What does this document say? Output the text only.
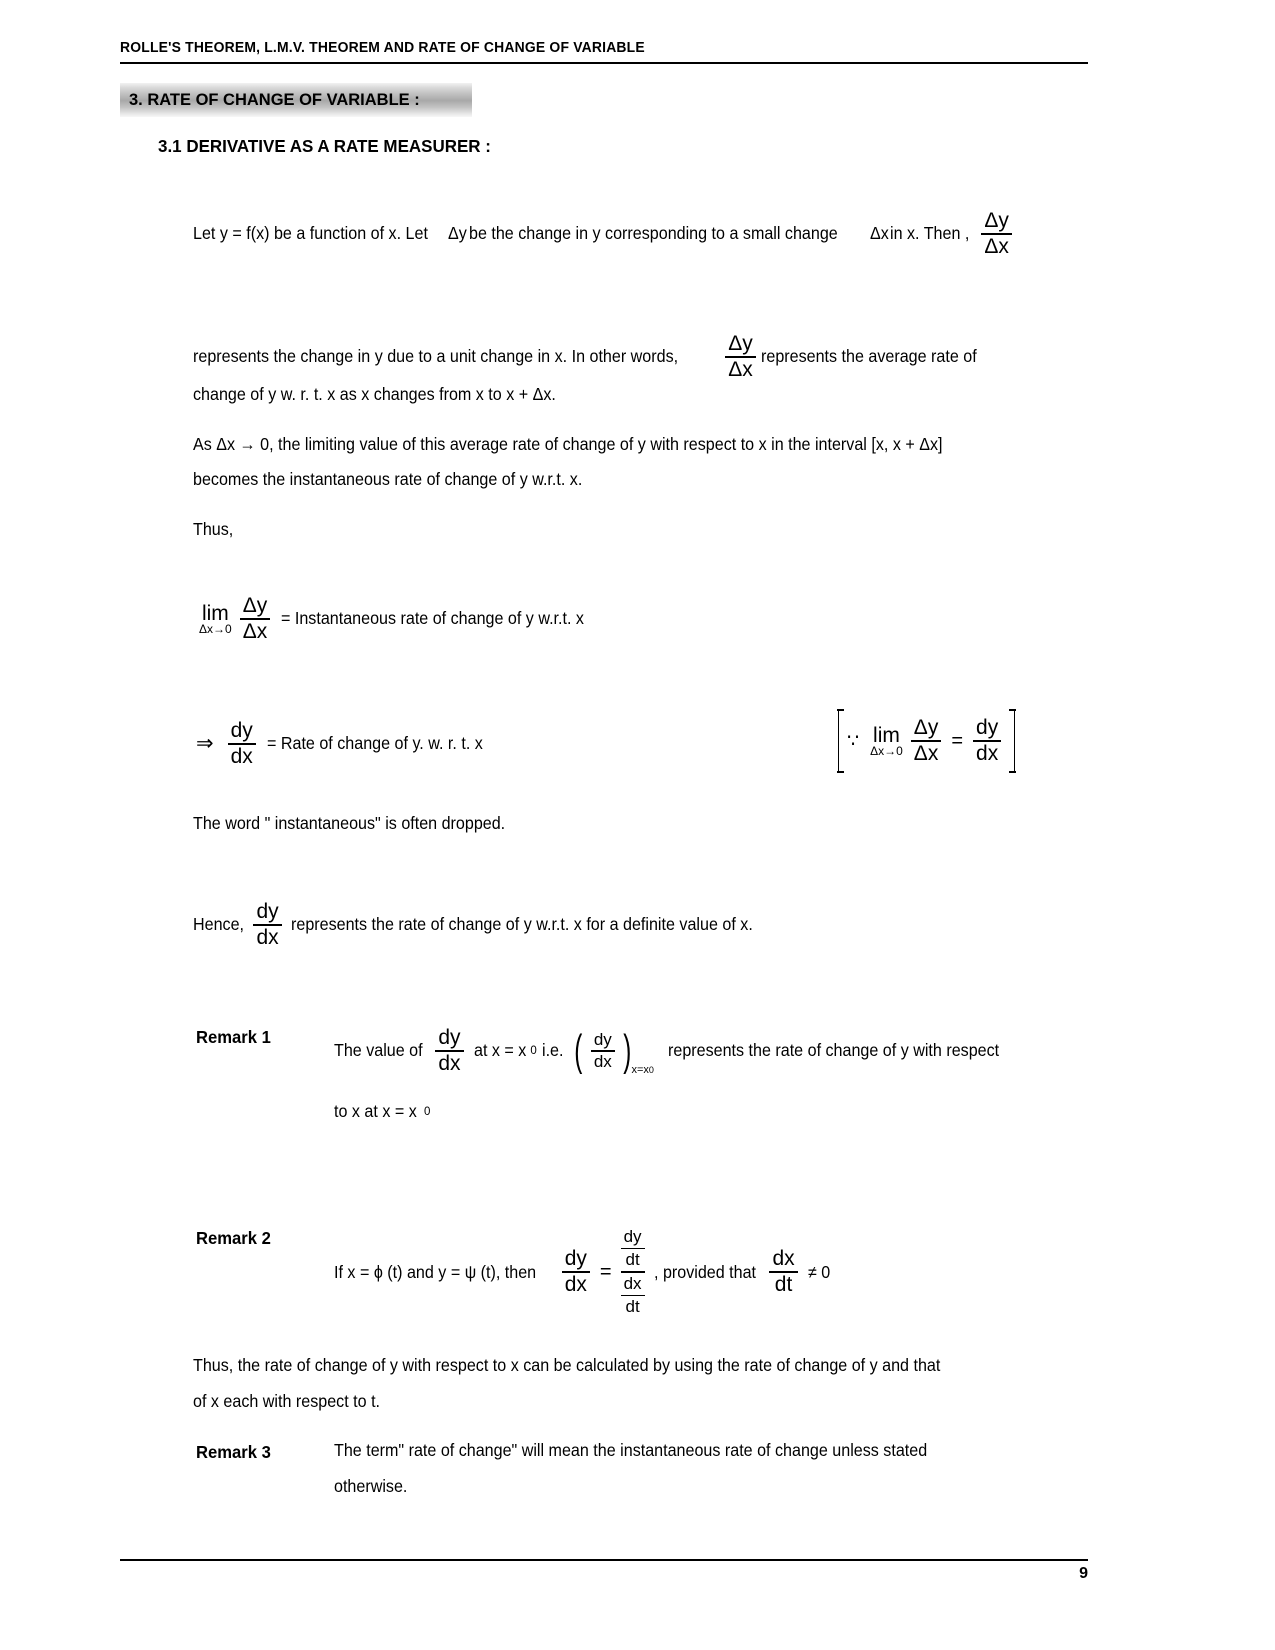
ROLLE'S THEOREM, L.M.V. THEOREM AND RATE OF CHANGE OF VARIABLE
3. RATE OF CHANGE OF VARIABLE :
3.1 DERIVATIVE AS A RATE MEASURER :
Let y = f(x) be a function of x. Let Δy be the change in y corresponding to a small change Δx in x. Then , $\frac{\Delta y}{\Delta x}$
represents the change in y due to a unit change in x. In other words, $\frac{\Delta y}{\Delta x}$ represents the average rate of
change of y w. r. t. x as x changes from x to x + Δx.
As Δx → 0, the limiting value of this average rate of change of y with respect to x in the interval [x, x + Δx]
becomes the instantaneous rate of change of y w.r.t. x.
Thus,
lim
$\Delta x\to 0 \frac{\Delta y}{\Delta x}$ = Instantaneous rate of change of y w.r.t. x
⇒ $\frac{dy}{dx}$ = Rate of change of y. w. r. t. x	∵ lim
$\Delta x\to 0 \frac{\Delta y}{\Delta x} = \frac{dy}{dx}$
The word " instantaneous" is often dropped.
Hence, $\frac{dy}{dx}$ represents the rate of change of y w.r.t. x for a definite value of x.
Remark 1
The value of $\frac{dy}{dx}$ at x = x 0 i.e. ( $\frac{dy}{dx}$ ) x=x0
represents the rate of change of y with respect
to x at x = x 0
Remark 2
If x = ϕ (t) and y = ψ (t), then $\frac{dy}{dx}$ =
$\frac{dy}{dt}$
$\frac{dx}{dt}$
, provided that $\frac{dx}{dt} \ne 0$
Thus, the rate of change of y with respect to x can be calculated by using the rate of change of y and that
of x each with respect to t.
Remark 3	The term" rate of change" will mean the instantaneous rate of change unless stated
otherwise.
9
